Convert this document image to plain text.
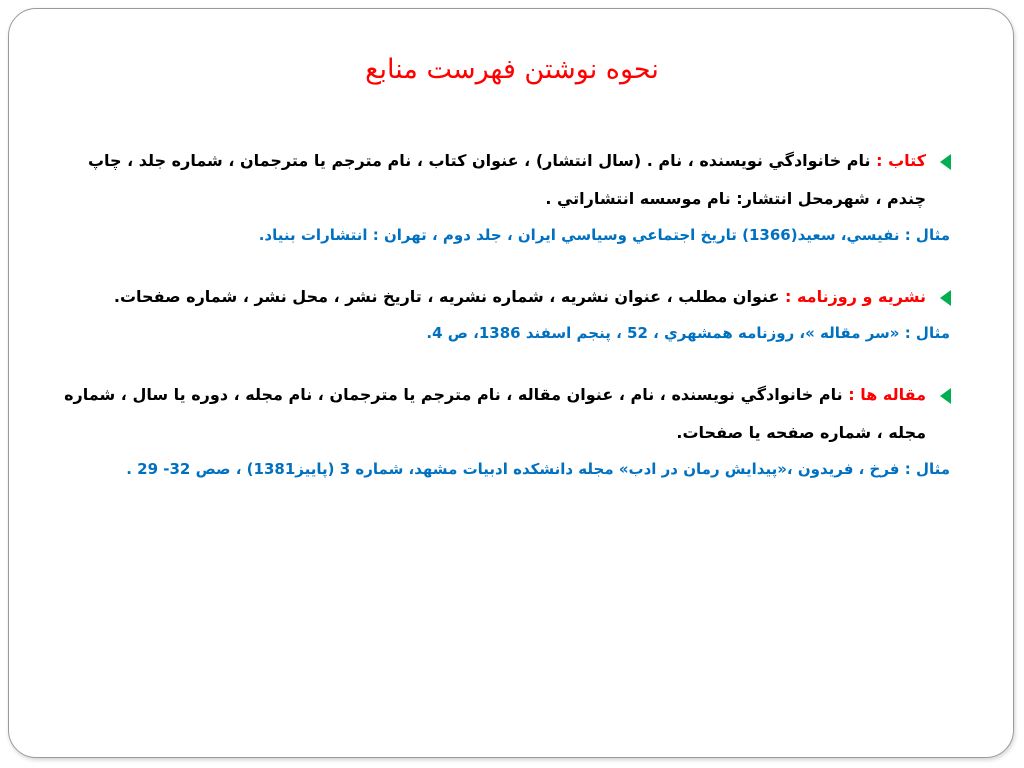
نحوه نوشتن فهرست منابع
كتاب : نام خانوادگي نويسنده ، نام . (سال انتشار) ، عنوان كتاب ، نام مترجم يا مترجمان ، شماره جلد ، چاپ چندم ، شهرمحل انتشار: نام موسسه انتشاراتي .
مثال : نفيسي، سعيد(1366) تاريخ اجتماعي وسياسي ايران ، جلد دوم ، تهران : انتشارات بنياد.
نشريه و روزنامه : عنوان مطلب ، عنوان نشريه ، شماره نشريه ، تاريخ نشر ، محل نشر ، شماره صفحات.
مثال : «سر مقاله »، روزنامه همشهري ، 52 ، پنجم اسفند 1386، ص 4.
مقاله ها : نام خانوادگي نويسنده ، نام ، عنوان مقاله ، نام مترجم يا مترجمان ، نام مجله ، دوره يا سال ، شماره مجله ، شماره صفحه يا صفحات.
مثال : فرخ ، فريدون ،«پيدايش رمان در ادب» مجله دانشكده ادبيات مشهد، شماره 3 (پاييز1381) ، صص 32- 29 .
